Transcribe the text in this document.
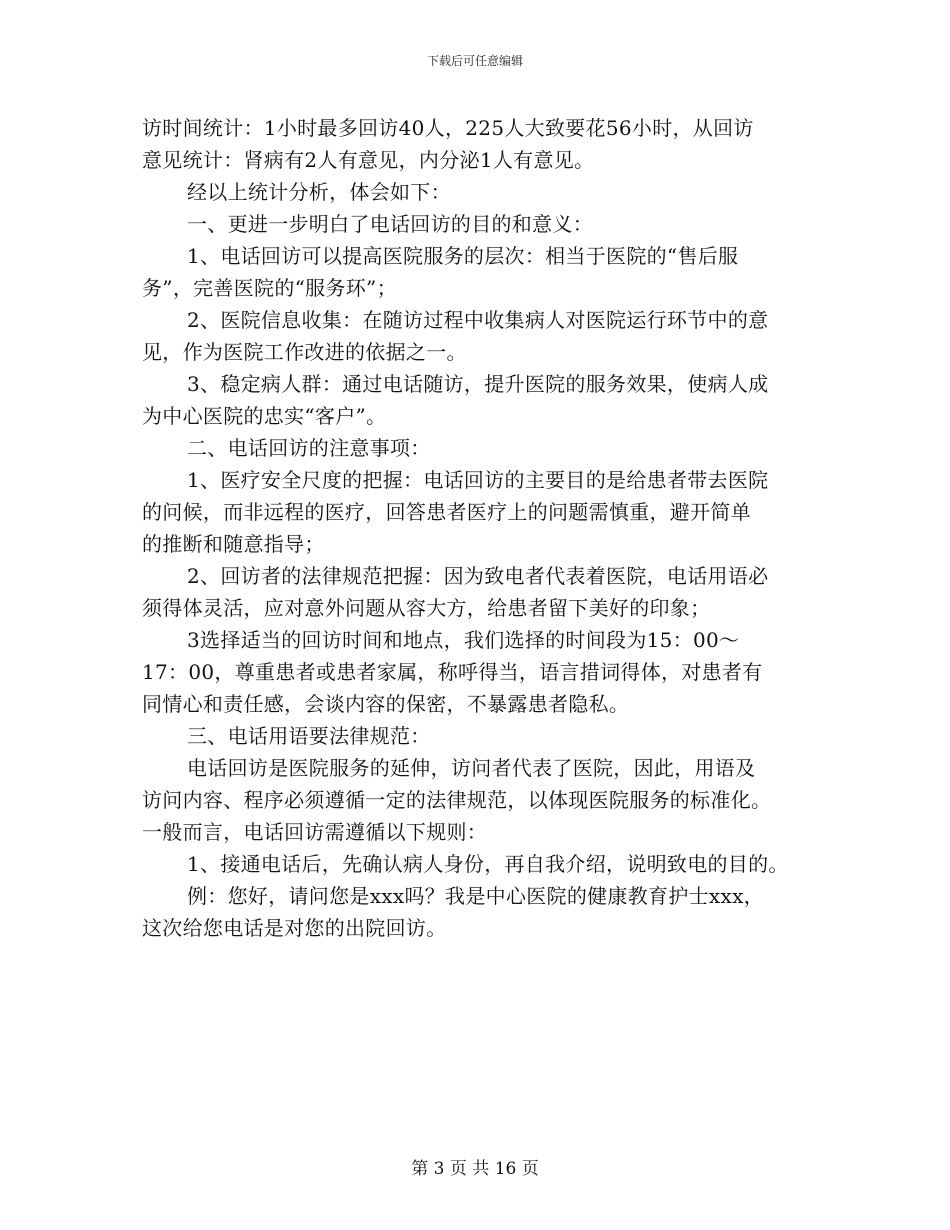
下载后可任意编辑
访时间统计：1小时最多回访40人，225人大致要花56小时，从回访
意见统计：肾病有2人有意见，内分泌1人有意见。
经以上统计分析，体会如下：
一、更进一步明白了电话回访的目的和意义：
1、电话回访可以提高医院服务的层次：相当于医院的“售后服
务”，完善医院的“服务环”；
2、医院信息收集：在随访过程中收集病人对医院运行环节中的意
见，作为医院工作改进的依据之一。
3、稳定病人群：通过电话随访，提升医院的服务效果，使病人成
为中心医院的忠实“客户”。
二、电话回访的注意事项：
1、医疗安全尺度的把握：电话回访的主要目的是给患者带去医院
的问候，而非远程的医疗，回答患者医疗上的问题需慎重，避开简单
的推断和随意指导；
2、回访者的法律规范把握：因为致电者代表着医院，电话用语必
须得体灵活，应对意外问题从容大方，给患者留下美好的印象；
3选择适当的回访时间和地点，我们选择的时间段为15：00～
17：00，尊重患者或患者家属，称呼得当，语言措词得体，对患者有
同情心和责任感，会谈内容的保密，不暴露患者隐私。
三、电话用语要法律规范：
电话回访是医院服务的延伸，访问者代表了医院，因此，用语及
访问内容、程序必须遵循一定的法律规范，以体现医院服务的标准化。
一般而言，电话回访需遵循以下规则：
1、接通电话后，先确认病人身份，再自我介绍，说明致电的目的。
例：您好，请问您是xxx吗？我是中心医院的健康教育护士xxx，
这次给您电话是对您的出院回访。
第 3 页 共 16 页
